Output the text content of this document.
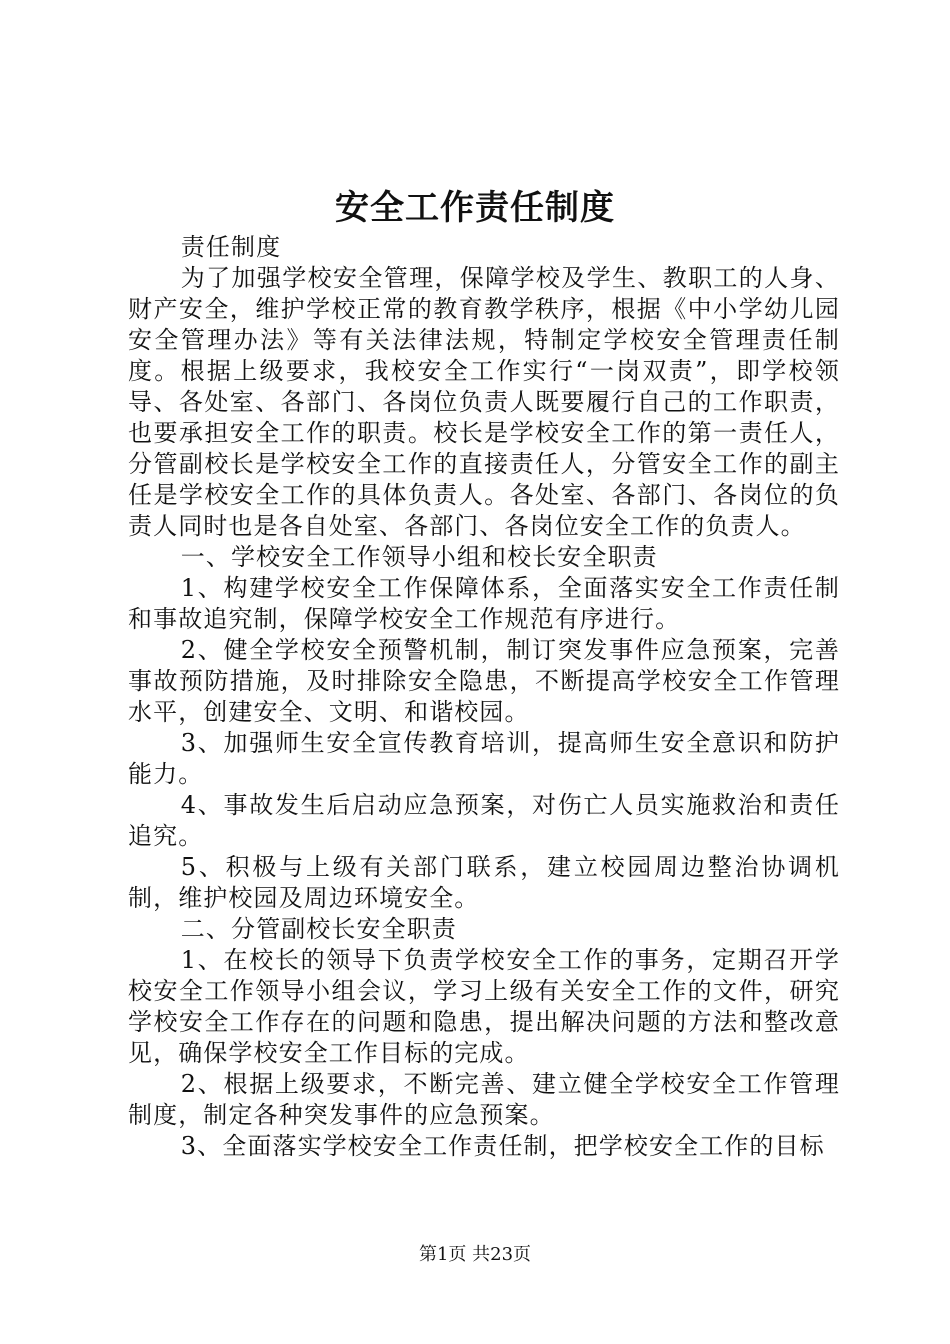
安全工作责任制度

责任制度

为了加强学校安全管理，保障学校及学生、教职工的人身、财产安全，维护学校正常的教育教学秩序，根据《中小学幼儿园安全管理办法》等有关法律法规，特制定学校安全管理责任制度。根据上级要求，我校安全工作实行“一岗双责”，即学校领导、各处室、各部门、各岗位负责人既要履行自己的工作职责，也要承担安全工作的职责。校长是学校安全工作的第一责任人，分管副校长是学校安全工作的直接责任人，分管安全工作的副主任是学校安全工作的具体负责人。各处室、各部门、各岗位的负责人同时也是各自处室、各部门、各岗位安全工作的负责人。

一、学校安全工作领导小组和校长安全职责

1、构建学校安全工作保障体系，全面落实安全工作责任制和事故追究制，保障学校安全工作规范有序进行。

2、健全学校安全预警机制，制订突发事件应急预案，完善事故预防措施，及时排除安全隐患，不断提高学校安全工作管理水平，创建安全、文明、和谐校园。

3、加强师生安全宣传教育培训，提高师生安全意识和防护能力。

4、事故发生后启动应急预案，对伤亡人员实施救治和责任追究。

5、积极与上级有关部门联系，建立校园周边整治协调机制，维护校园及周边环境安全。

二、分管副校长安全职责

1、在校长的领导下负责学校安全工作的事务，定期召开学校安全工作领导小组会议，学习上级有关安全工作的文件，研究学校安全工作存在的问题和隐患，提出解决问题的方法和整改意见，确保学校安全工作目标的完成。

2、根据上级要求，不断完善、建立健全学校安全工作管理制度，制定各种突发事件的应急预案。

3、全面落实学校安全工作责任制，把学校安全工作的目标

第1页 共23页
